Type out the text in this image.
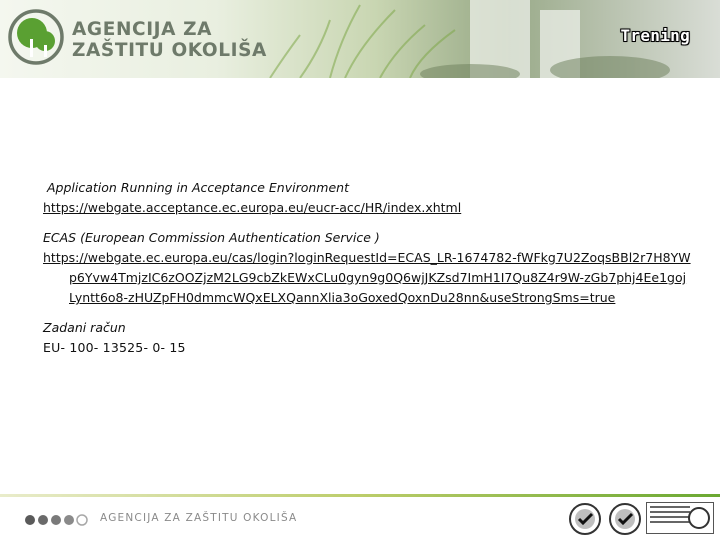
AGENCIJA ZA
ZAŠTITU OKOLIŠA
Trening
Application Running in Acceptance Environment
https://webgate.acceptance.ec.europa.eu/eucr-acc/HR/index.xhtml
ECAS (European Commission Authentication Service )
https://webgate.ec.europa.eu/cas/login?loginRequestId=ECAS_LR-1674782-fWFkg7U2ZoqsBBl2r7H8YWp6Yvw4TmjzIC6zOOZjzM2LG9cbZkEWxCLu0gyn9g0Q6wjJKZsd7ImH1I7Qu8Z4r9W-zGb7phj4Ee1gojLyntt6o8-zHUZpFH0dmmcWQxELXQannXlia3oGoxedQoxnDu28nn&useStrongSms=true
Zadani račun
EU- 100- 13525- 0- 15
AGENCIJA ZA ZAŠTITU OKOLIŠA
